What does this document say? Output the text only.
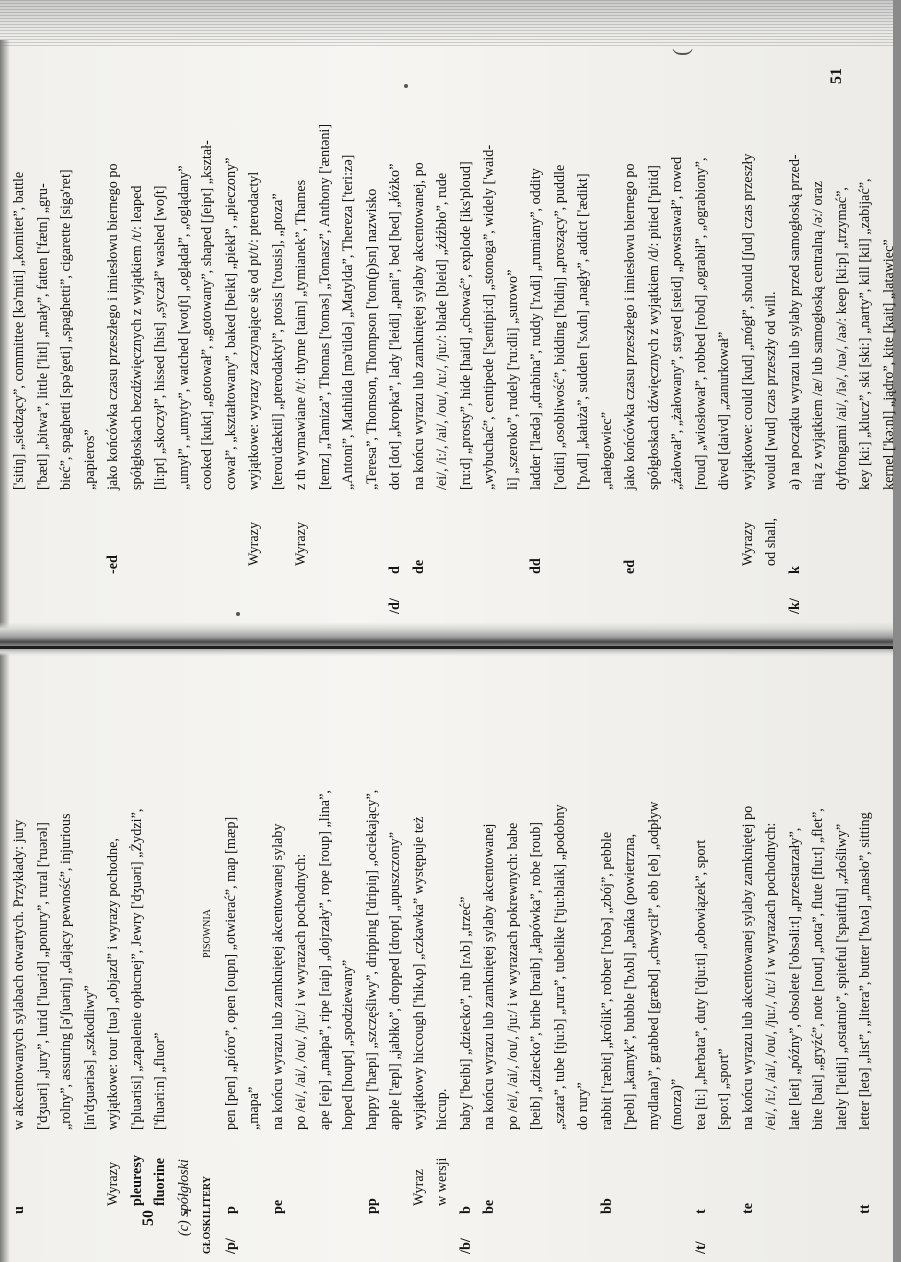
(
u
w akcentowanych sylabach otwartych. Przykłady: jury ['dʒuəri] „jury”, lurid ['luərid] „ponury”, rural ['ruərəl] „rolny”, assuring [ə'ʃuəriŋ] „dający pewność”, injurious [in'dʒuəriəs] „szkodliwy”
Wyrazy
wyjątkowe: tour [tuə] „objazd” i wyrazy pochodne,
pleuresy
['pluərisi] „zapalenie opłucnej”, Jewry ['dʒuəri] „Żydzi”,
fluorine
['fluəri:n] „fluor”
(c) spółgłoski	GŁOSKI
LITERY
PISOWNIA
/p/
p
pen [pen] „pióro”, open [oupn] „otwierać”, map [mæp] „mapa”
pe
na końcu wyrazu lub zamkniętej akcentowanej sylaby po /ei/, /ai/, /ou/, /ju:/ i w wyrazach pochodnych: ape [eip] „małpa”, ripe [raip] „dojrzały”, rope [roup] „lina”, hoped [houpt] „spodziewany”
pp
happy ['hæpi] „szczęśliwy”, dripping ['dripiŋ] „ociekający”, apple ['æpl] „jabłko”, dropped [dropt] „upuszczony”
Wyraz
wyjątkowy hiccough ['hikʌp] „czkawka” występuje też
w wersji
hiccup.
/b/
b
baby ['beibi] „dziecko”, rub [rʌb] „trzeć”
be
na końcu wyrazu lub zamkniętej sylaby akcentowanej po /ei/, /ai/, /ou/, /ju:/ i w wyrazach pokrewnych: babe [beib] „dziecko”, bribe [braib] „łapówka”, robe [roub] „szata”, tube [tju:b] „rura”, tubelike ['tju:blaik] „podobny do rury”
bb
rabbit ['ræbit] „królik”, robber ['robə] „zbój”, pebble ['pebl] „kamyk”, bubble ['bʌbl] „bańka (powietrzna, mydlana)”, grabbed [græbd] „chwycił”, ebb [eb] „odpływ (morza)”
/t/
t
tea [ti:] „herbata”, duty ['dju:ti] „obowiązek”, sport [spo:t] „sport”
te
na końcu wyrazu lub akcentowanej sylaby zamkniętej po /ei/, /i:/, /ai/, /ou/, /ju:/, /u:/ i w wyrazach pochodnych: late [leit] „późny”, obsolete ['obsəli:t] „przestarzały”, bite [bait] „gryźć”, note [nout] „nota”, flute [flu:t] „flet”, lately ['leitli] „ostatnio”, spiteful ['spaitful] „złośliwy”
tt
letter [letə] „list”, „litera”, butter ['bʌtə] „masło”, sitting
['sitiŋ] „siedzący”, committee [kə'miti] „komitet”, battle ['bætl] „bitwa”, little ['litl] „mały”, fatten ['fætn] „gru- bieć”, spaghetti [spə'geti] „spaghetti”, cigarette [sigə'ret] „papieros”
-ed
jako końcówka czasu przeszłego i imiesłowu biernego po spółgłoskach bezdźwięcznych z wyjątkiem /t/: leaped [li:pt] „skoczył”, hissed [hist] „syczał” washed [woʃt] „umył”, „umyty”, watched [wotʃt] „oglądał”, „oglądany” cooked [kukt] „gotował”, „gotowany”, shaped [ʃeipt] „kształ- cował”, „kształtowany”, baked [beikt] „piekł”, „pieczony”
Wyrazy
wyjątkowe: wyrazy zaczynające się od pt/t/: pterodactyl [terou'dæktil] „pterodaktyl”, ptosis ['tousis], „ptoza”
Wyrazy
z th wymawiane /t/: thyme [taim] „tymianek”, Thames [temz] „Tamiza”, Thomas ['toməs] „Tomasz”, Anthony ['æntəni] „Antoni”, Mathilda [mə'tildə] „Matylda”, Thereza ['teri:zə] „Teresa”, Thomson, Thompson ['tom(p)sn] nazwisko
/d/
d
dot [dot] „kropka”, lady ['leidi] „pani”, bed [bed] „łóżko”
de
na końcu wyrazu lub zamkniętej sylaby akcentowanej, po /ei/, /i:/, /ai/, /ou/, /u:/, /ju:/: blade [bleid] „źdźbło”, rude [ru:d] „prosty”, hide [haid] „chować”, explode [iks'ploud] „wybuchać”, centipede ['sentipi:d] „stonoga”, widely ['waid- li] „szeroko”, rudely ['ru:dli] „surowo”
dd
ladder ['lædə] „drabina”, ruddy ['rʌdi] „rumiany”, oddity ['oditi] „osobliwość”, bidding ['bidiŋ] „proszący”, puddle ['pʌdl] „kałuża”, sudden ['sʌdn] „nagły”, addict ['ædikt] „nałogowiec”
ed
jako końcówka czasu przeszłego i imiesłowu biernego po spółgłoskach dźwięcznych z wyjątkiem /d/: pitied ['pitid] „żałował”, „żałowany”, stayed [steid] „powstawał”, rowed [roud] „wiosłował”, robbed [robd] „ograbił”, „ograbiony”, dived [daivd] „zanurkował”
Wyrazy
wyjątkowe: could [kud] „mógł”, should [ʃud] czas przeszły
od shall,
would [wud] czas przeszły od will.
/k/
k
a) na początku wyrazu lub sylaby przed samogłoską przed- nią z wyjątkiem /æ/ lub samogłoską centralną /ə:/ oraz dyftongami /ai/, /iə/, /uə/, /aə/: keep [ki:p] „trzymać”, key [ki:] „klucz”, ski [ski:] „narty”, kill [kil] „zabijać”, kernel ['kə:nl] „jądro”, kite [kait] „latawiec”
50
51
